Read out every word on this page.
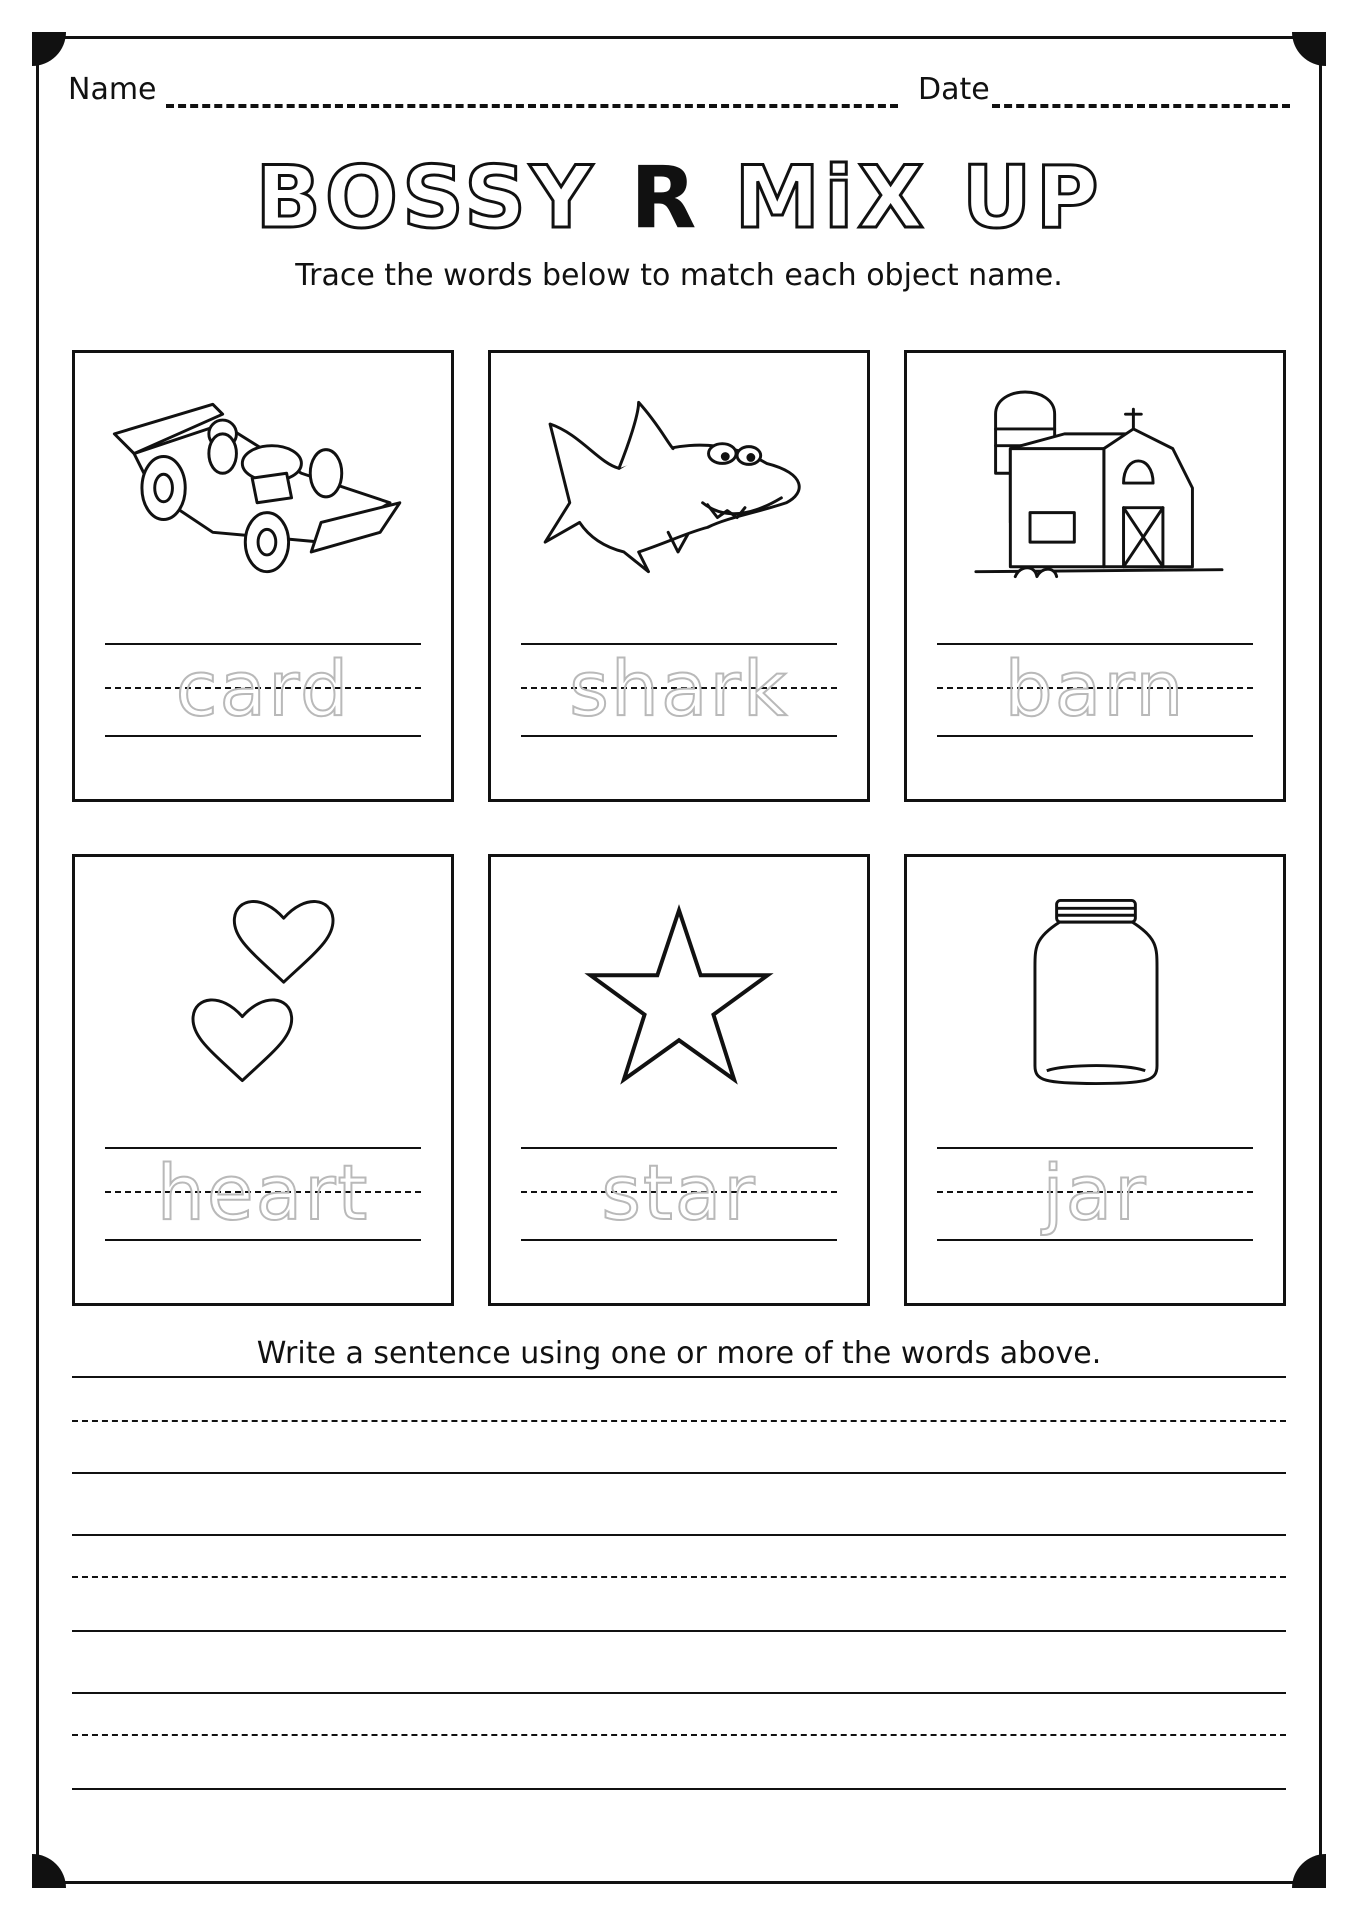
Name	Date
BOSSY R MiX UP
Trace the words below to match each object name.
card	shark	barn
heart	star	jar
Write a sentence using one or more of the words above.
